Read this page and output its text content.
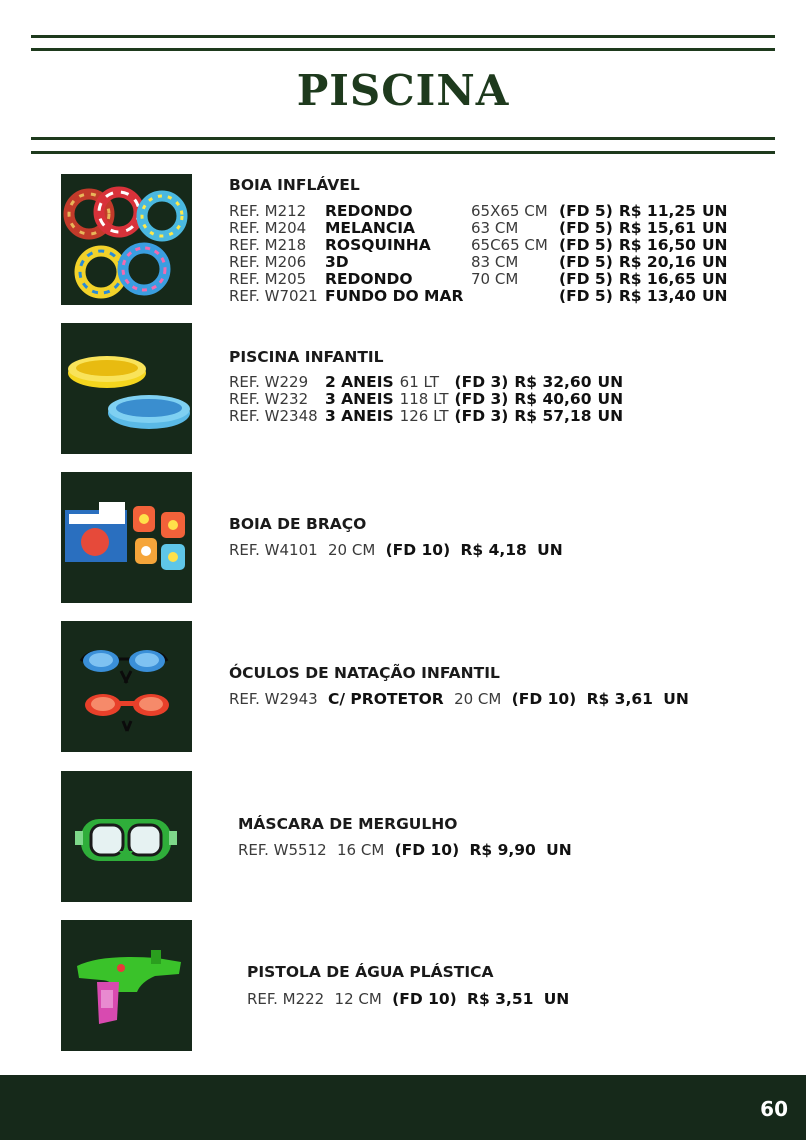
PISCINA
BOIA INFLÁVEL
REF. M212	REDONDO	65X65 CM	(FD 5)	R$ 11,25	UN
REF. M204	MELANCIA	63 CM	(FD 5)	R$ 15,61	UN
REF. M218	ROSQUINHA	65C65 CM	(FD 5)	R$ 16,50	UN
REF. M206	3D	83 CM	(FD 5)	R$ 20,16	UN
REF. M205	REDONDO	70 CM	(FD 5)	R$ 16,65	UN
REF. W7021	FUNDO DO MAR		(FD 5)	R$ 13,40	UN
PISCINA INFANTIL
REF. W229	2 ANEIS	61 LT	(FD 3)	R$ 32,60	UN
REF. W232	3 ANEIS	118 LT	(FD 3)	R$ 40,60	UN
REF. W2348	3 ANEIS	126 LT	(FD 3)	R$ 57,18	UN
BOIA DE BRAÇO
REF. W4101 20 CM (FD 10) R$ 4,18 UN
ÓCULOS DE NATAÇÃO INFANTIL
REF. W2943 C/ PROTETOR 20 CM (FD 10) R$ 3,61 UN
MÁSCARA DE MERGULHO
REF. W5512 16 CM (FD 10) R$ 9,90 UN
PISTOLA DE ÁGUA PLÁSTICA
REF. M222 12 CM (FD 10) R$ 3,51 UN
60
